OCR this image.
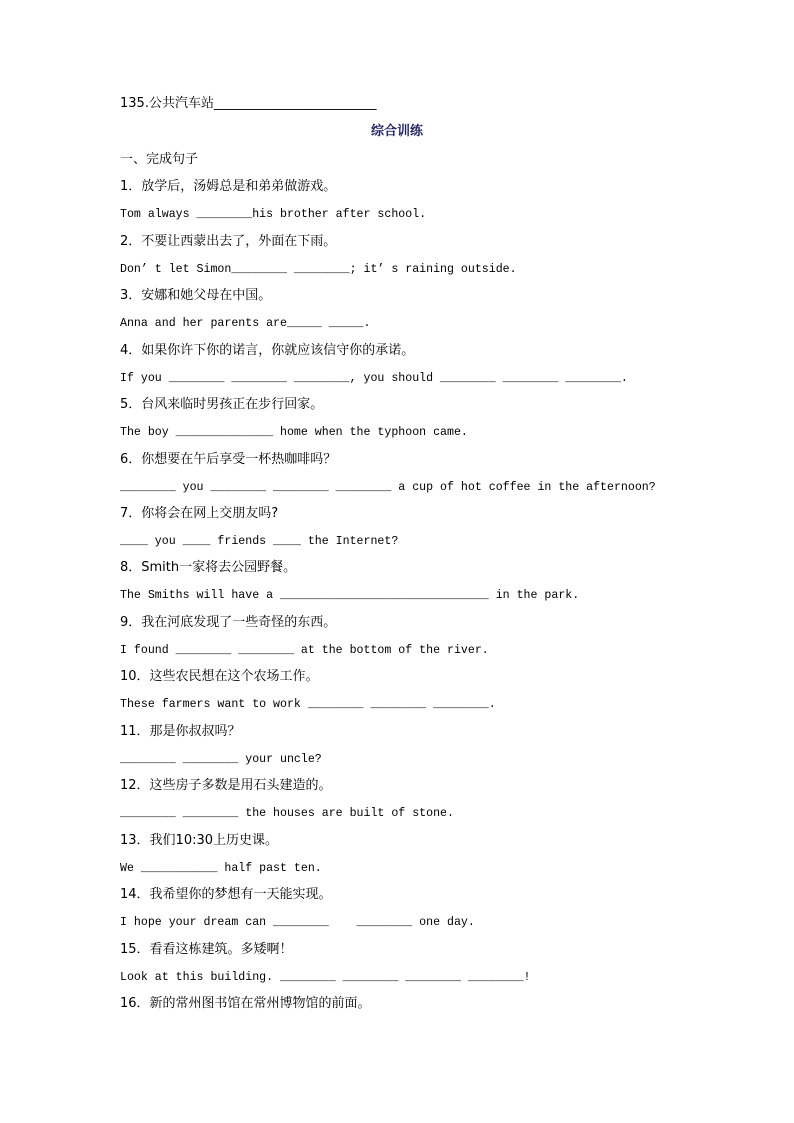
135.公共汽车站_________________________
综合训练
一、完成句子
1．放学后，汤姆总是和弟弟做游戏。
Tom always ________his brother after school.
2．不要让西蒙出去了，外面在下雨。
Don’ t let Simon________ ________; it’ s raining outside.
3．安娜和她父母在中国。
Anna and her parents are_____ _____.
4．如果你许下你的诺言，你就应该信守你的承诺。
If you ________ ________ ________, you should ________ ________ ________.
5．台风来临时男孩正在步行回家。
The boy ______________ home when the typhoon came.
6．你想要在午后享受一杯热咖啡吗？
________ you ________ ________ ________ a cup of hot coffee in the afternoon?
7．你将会在网上交朋友吗?
____ you ____ friends ____ the Internet?
8．Smith一家将去公园野餐。
The Smiths will have a ______________________________ in the park.
9．我在河底发现了一些奇怪的东西。
I found ________ ________ at the bottom of the river.
10．这些农民想在这个农场工作。
These farmers want to work ________ ________ ________.
11．那是你叔叔吗？
________ ________ your uncle?
12．这些房子多数是用石头建造的。
________ ________ the houses are built of stone.
13．我们10:30上历史课。
We ___________ half past ten.
14．我希望你的梦想有一天能实现。
I hope your dream can ________    ________ one day.
15．看看这栋建筑。多矮啊！
Look at this building. ________ ________ ________ ________!
16．新的常州图书馆在常州博物馆的前面。
